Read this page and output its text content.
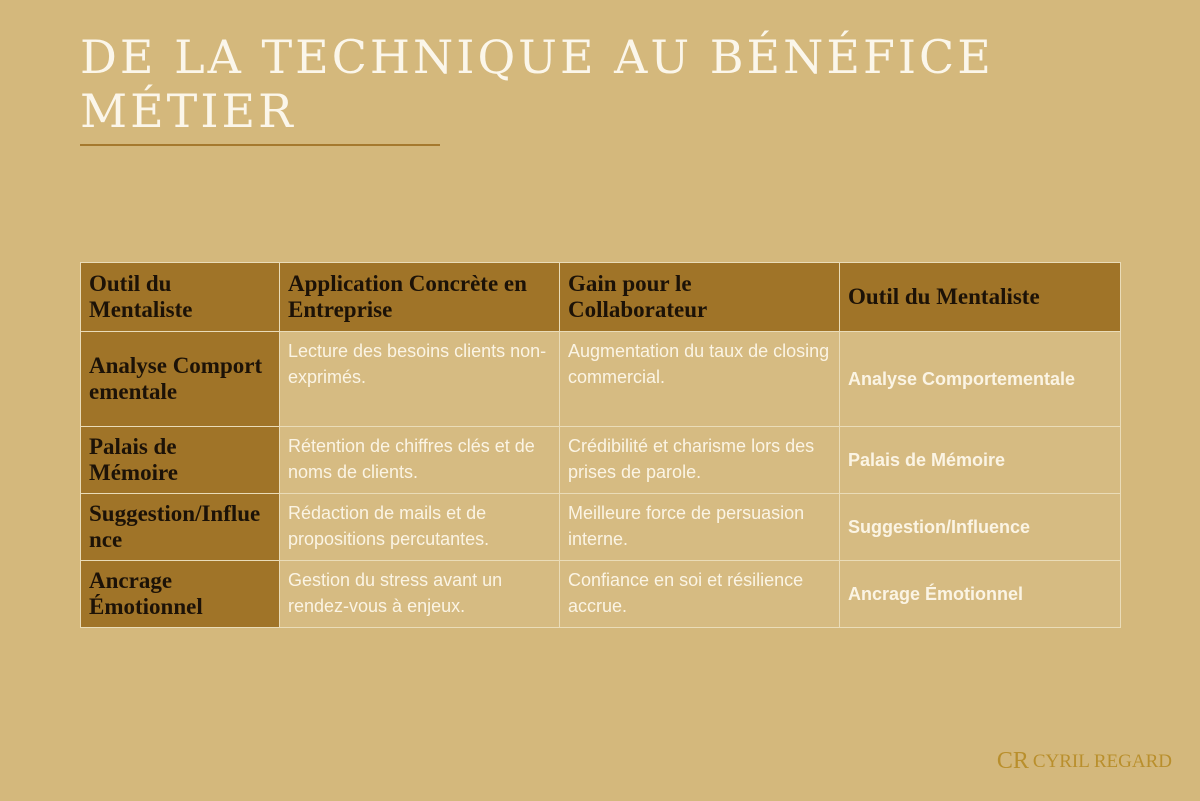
DE LA TECHNIQUE AU BÉNÉFICE MÉTIER
Outil du Mentaliste	Application Concrète en Entreprise	Gain pour le Collaborateur	Outil du Mentaliste
Analyse Comportementale	Lecture des besoins clients non-exprimés.	Augmentation du taux de closing commercial.	Analyse Comportementale
Palais de Mémoire	Rétention de chiffres clés et de noms de clients.	Crédibilité et charisme lors des prises de parole.	Palais de Mémoire
Suggestion/Influence	Rédaction de mails et de propositions percutantes.	Meilleure force de persuasion interne.	Suggestion/Influence
Ancrage Émotionnel	Gestion du stress avant un rendez-vous à enjeux.	Confiance en soi et résilience accrue.	Ancrage Émotionnel
CR CYRIL REGARD
